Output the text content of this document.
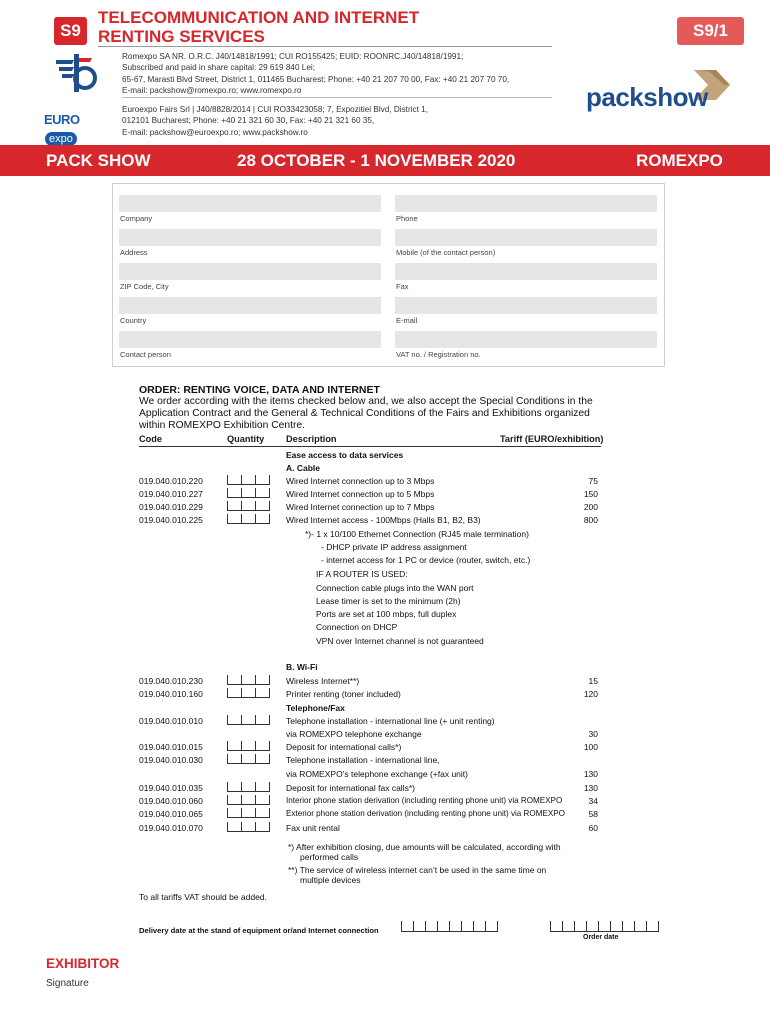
S9
TELECOMMUNICATION AND INTERNET
RENTING SERVICES	S9/1
Romexpo SA NR. O.R.C. J40/14818/1991; CUI RO155425; EUID: ROONRC.J40/14818/1991;
Subscribed and paid in share capital: 29 619 840 Lei;
65-67, Marasti Blvd Street, District 1, 011465 Bucharest; Phone: +40 21 207 70 00, Fax: +40 21 207 70 70,
E-mail: packshow@romexpo.ro; www.romexpo.ro
EUROexpo
Euroexpo Fairs Srl | J40/8828/2014 | CUI RO33423058; 7, Expozitiei Blvd, District 1,
012101 Bucharest; Phone: +40 21 321 60 30, Fax: +40 21 321 60 35,
E-mail: packshow@euroexpo.ro; www.packshow.ro
packshow
PACK SHOW	28 OCTOBER - 1 NOVEMBER 2020	ROMEXPO
Company	Phone
Address	Mobile (of the contact person)
ZIP Code, City	Fax
Country	E-mail
Contact person	VAT no. / Registration no.
ORDER: RENTING VOICE, DATA AND INTERNET
We order according with the items checked below and, we also accept the Special Conditions in the Application Contract and the General & Technical Conditions of the Fairs and Exhibitions organized within ROMEXPO Exhibition Centre.
Code	Quantity Description	Tariff (EURO/exhibition)
Ease access to data services
A. Cable
019.040.010.220	Wired Internet connection up to 3 Mbps	75
019.040.010.227	Wired Internet connection up to 5 Mbps	150
019.040.010.229	Wired Internet connection up to 7 Mbps	200
019.040.010.225	Wired Internet access - 100Mbps (Halls B1, B2, B3)	800
*)- 1 x 10/100 Ethernet Connection (RJ45 male termination)
- DHCP private IP address assignment
- internet access for 1 PC or device (router, switch, etc.)
IF A ROUTER IS USED:
Connection cable plugs into the WAN port
Lease timer is set to the minimum (2h)
Ports are set at 100 mbps, full duplex
Connection on DHCP
VPN over Internet channel is not guaranteed
B. Wi-Fi
019.040.010.230	Wireless Internet**)	15
019.040.010.160	Printer renting (toner included)	120
Telephone/Fax
019.040.010.010	Telephone installation - international line (+ unit renting)
via ROMEXPO telephone exchange	30
019.040.010.015	Deposit for international calls*)	100
019.040.010.030	Telephone installation - international line,
via ROMEXPO’s telephone exchange (+fax unit)	130
019.040.010.035	Deposit for international fax calls*)	130
019.040.010.060	Interior phone station derivation (including renting phone unit) via ROMEXPO	34
019.040.010.065	Exterior phone station derivation (including renting phone unit) via ROMEXPO	58
019.040.010.070	Fax unit rental	60
*) After exhibition closing, due amounts will be calculated, according with
performed calls
**) The service of wireless internet can’t be used in the same time on
multiple devices
To all tariffs VAT should be added.
Delivery date at the stand of equipment or/and Internet connection
Order date
EXHIBITOR
Signature
